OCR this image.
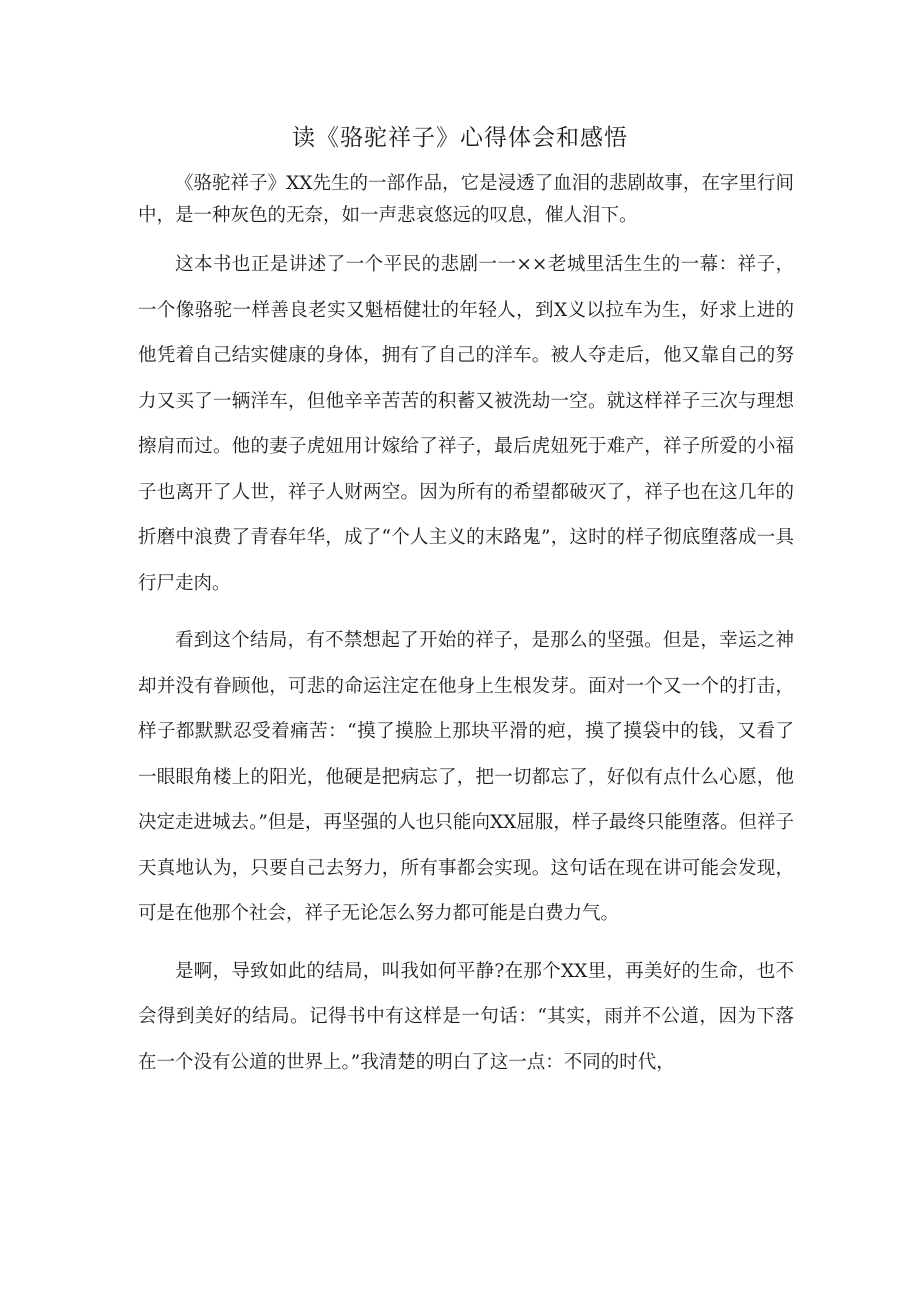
读《骆驼祥子》心得体会和感悟

《骆驼祥子》XX先生的一部作品，它是浸透了血泪的悲剧故事，在字里行间中，是一种灰色的无奈，如一声悲哀悠远的叹息，催人泪下。

这本书也正是讲述了一个平民的悲剧一一××老城里活生生的一幕：祥子，一个像骆驼一样善良老实又魁梧健壮的年轻人，到X义以拉车为生，好求上进的他凭着自己结实健康的身体，拥有了自己的洋车。被人夺走后，他又靠自己的努力又买了一辆洋车，但他辛辛苦苦的积蓄又被洗劫一空。就这样祥子三次与理想擦肩而过。他的妻子虎妞用计嫁给了祥子，最后虎妞死于难产，祥子所爱的小福子也离开了人世，祥子人财两空。因为所有的希望都破灭了，祥子也在这几年的折磨中浪费了青春年华，成了“个人主义的末路鬼”，这时的样子彻底堕落成一具行尸走肉。

看到这个结局，有不禁想起了开始的祥子，是那么的坚强。但是，幸运之神却并没有眷顾他，可悲的命运注定在他身上生根发芽。面对一个又一个的打击，样子都默默忍受着痛苦：“摸了摸脸上那块平滑的疤，摸了摸袋中的钱，又看了一眼眼角楼上的阳光，他硬是把病忘了，把一切都忘了，好似有点什么心愿，他决定走进城去。”但是，再坚强的人也只能向XX屈服，样子最终只能堕落。但祥子天真地认为，只要自己去努力，所有事都会实现。这句话在现在讲可能会发现，可是在他那个社会，祥子无论怎么努力都可能是白费力气。

是啊，导致如此的结局，叫我如何平静?在那个XX里，再美好的生命，也不会得到美好的结局。记得书中有这样是一句话：“其实，雨并不公道，因为下落在一个没有公道的世界上。”我清楚的明白了这一点：不同的时代，
